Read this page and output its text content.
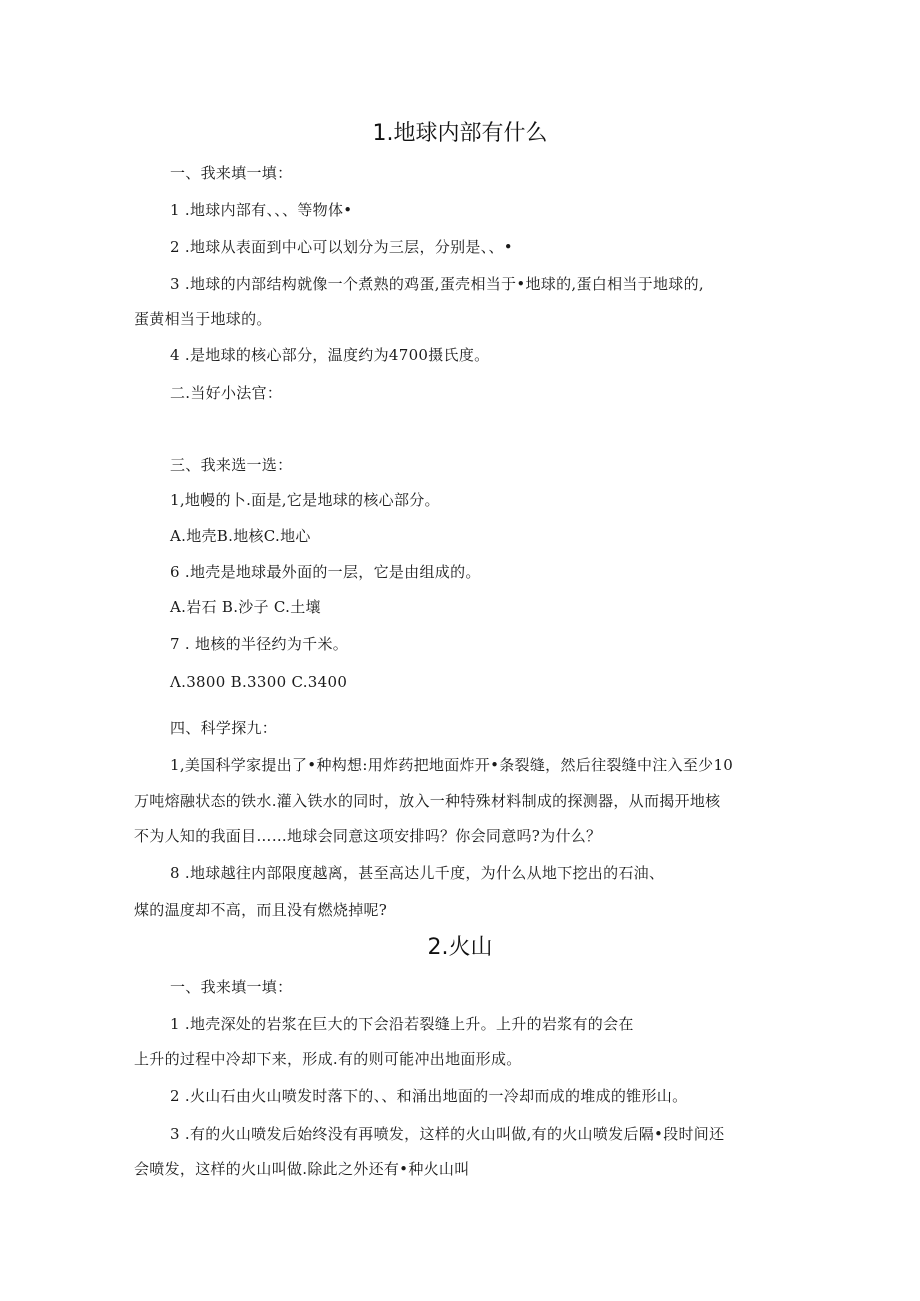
1.地球内部有什么
一、我来填一填：
1 .地球内部有、、、等物体•
2 .地球从表面到中心可以划分为三层，分别是、、•
3 .地球的内部结构就像一个煮熟的鸡蛋,蛋壳相当于•地球的,蛋白相当于地球的,
蛋黄相当于地球的。
4 .是地球的核心部分，温度约为4700摄氏度。
二.当好小法官：
三、我来选一选：
1,地幔的卜.面是,它是地球的核心部分。
A.地壳B.地核C.地心
6 .地壳是地球最外面的一层，它是由组成的。
A.岩石 B.沙子 C.土壤
7 . 地核的半径约为千米。
Λ.3800 B.3300 C.3400
四、科学探九：
1,美国科学家提出了•种构想:用炸药把地面炸开•条裂缝，然后往裂缝中注入至少10
万吨熔融状态的铁水.灌入铁水的同时，放入一种特殊材料制成的探测器，从而揭开地核
不为人知的我面目……地球会同意这项安排吗？你会同意吗?为什么？
8 .地球越往内部限度越离，甚至高达儿千度，为什么从地下挖出的石油、
煤的温度却不高，而且没有燃烧掉呢?
2.火山
一、我来填一填：
1 .地壳深处的岩浆在巨大的下会沿若裂缝上升。上升的岩浆有的会在
上升的过程中冷却下来，形成.有的则可能冲出地面形成。
2 .火山石由火山喷发时落下的、、和涌出地面的一冷却而成的堆成的锥形山。
3 .有的火山喷发后始终没有再喷发，这样的火山叫做,有的火山喷发后隔•段时间还
会喷发，这样的火山叫做.除此之外还有•种火山叫
